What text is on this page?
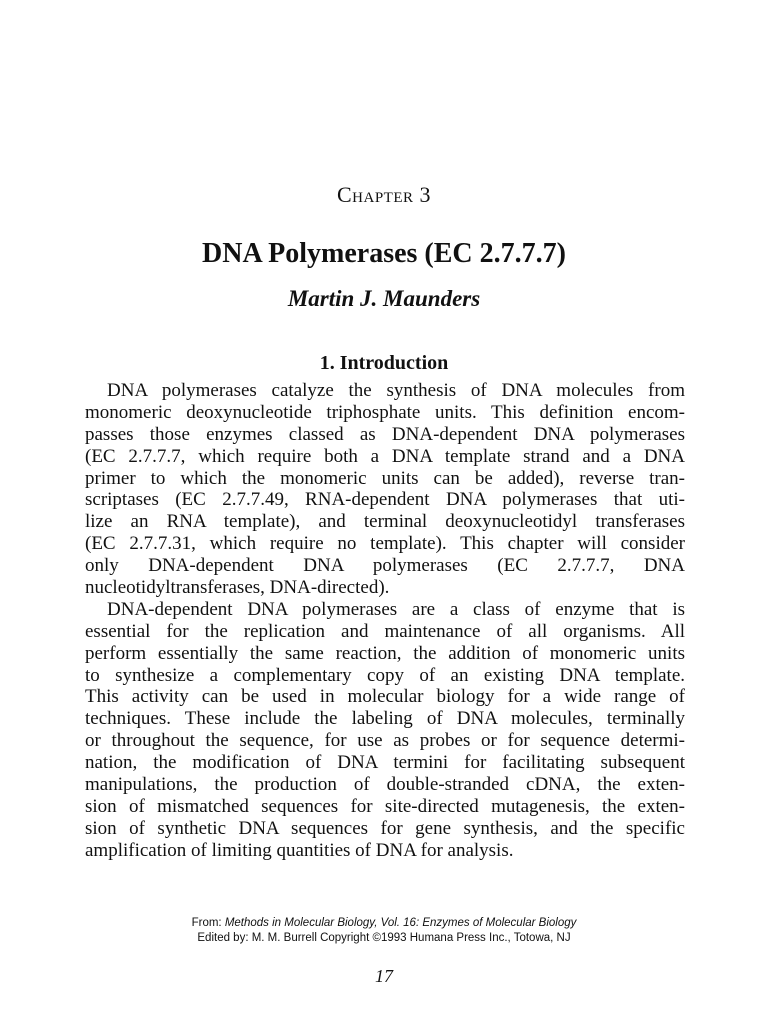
Chapter 3
DNA Polymerases (EC 2.7.7.7)
Martin J. Maunders
1. Introduction
DNA polymerases catalyze the synthesis of DNA molecules from
monomeric deoxynucleotide triphosphate units. This definition encom-
passes those enzymes classed as DNA-dependent DNA polymerases
(EC 2.7.7.7, which require both a DNA template strand and a DNA
primer to which the monomeric units can be added), reverse tran-
scriptases (EC 2.7.7.49, RNA-dependent DNA polymerases that uti-
lize an RNA template), and terminal deoxynucleotidyl transferases
(EC 2.7.7.31, which require no template). This chapter will consider
only DNA-dependent DNA polymerases (EC 2.7.7.7, DNA
nucleotidyltransferases, DNA-directed).
DNA-dependent DNA polymerases are a class of enzyme that is
essential for the replication and maintenance of all organisms. All
perform essentially the same reaction, the addition of monomeric units
to synthesize a complementary copy of an existing DNA template.
This activity can be used in molecular biology for a wide range of
techniques. These include the labeling of DNA molecules, terminally
or throughout the sequence, for use as probes or for sequence determi-
nation, the modification of DNA termini for facilitating subsequent
manipulations, the production of double-stranded cDNA, the exten-
sion of mismatched sequences for site-directed mutagenesis, the exten-
sion of synthetic DNA sequences for gene synthesis, and the specific
amplification of limiting quantities of DNA for analysis.
From: Methods in Molecular Biology, Vol. 16: Enzymes of Molecular Biology
Edited by: M. M. Burrell Copyright ©1993 Humana Press Inc., Totowa, NJ
17
